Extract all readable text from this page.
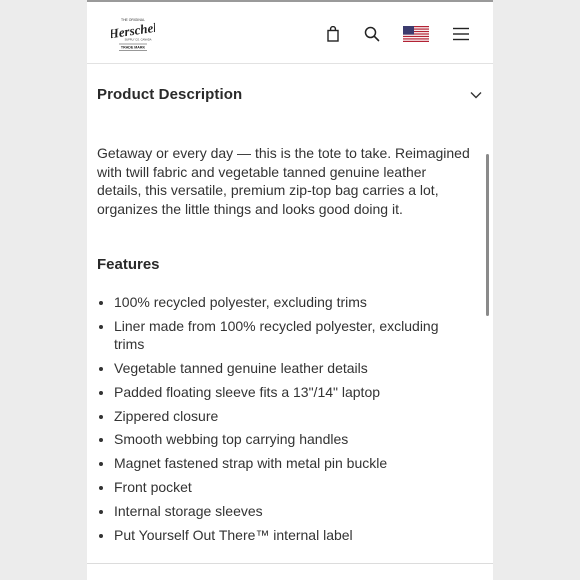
THE ORIGINAL
Herschel
SUPPLY CO. CANADA
TRADE MARK
Product Description

Getaway or every day — this is the tote to take. Reimagined with twill fabric and vegetable tanned genuine leather details, this versatile, premium zip-top bag carries a lot, organizes the little things and looks good doing it.

Features
100% recycled polyester, excluding trims
Liner made from 100% recycled polyester, excluding trims
Vegetable tanned genuine leather details
Padded floating sleeve fits a 13"/14" laptop
Zippered closure
Smooth webbing top carrying handles
Magnet fastened strap with metal pin buckle
Front pocket
Internal storage sleeves
Put Yourself Out There™ internal label
